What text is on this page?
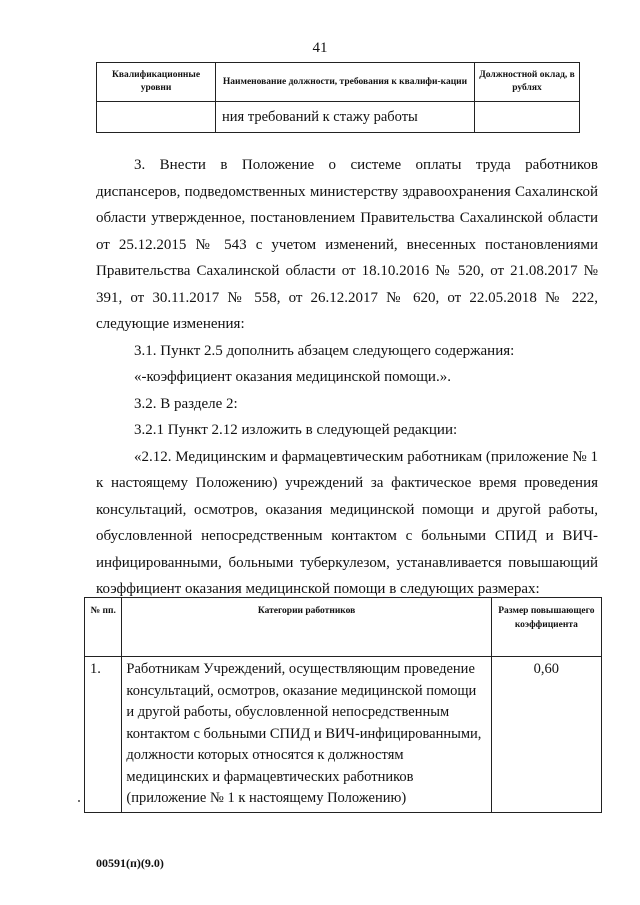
41
Квалификационные уровни	Наименование должности, требования к квалифи-кации	Должностной оклад, в рублях
	ния требований к стажу работы	

3. Внести в Положение о системе оплаты труда работников диспансеров, подведомственных министерству здравоохранения Сахалинской области утвержденное, постановлением Правительства Сахалинской области от 25.12.2015 № 543 с учетом изменений, внесенных постановлениями Правительства Сахалинской области от 18.10.2016 № 520, от 21.08.2017 № 391, от 30.11.2017 № 558, от 26.12.2017 № 620, от 22.05.2018 № 222, следующие изменения:

3.1. Пункт 2.5 дополнить абзацем следующего содержания:

«-коэффициент оказания медицинской помощи.».

3.2. В разделе 2:

3.2.1 Пункт 2.12 изложить в следующей редакции:

«2.12. Медицинским и фармацевтическим работникам (приложение № 1 к настоящему Положению) учреждений за фактическое время проведения консультаций, осмотров, оказания медицинской помощи и другой работы, обусловленной непосредственным контактом с больными СПИД и ВИЧ-инфицированными, больными туберкулезом, устанавливается повышающий коэффициент оказания медицинской помощи в следующих размерах:

№ пп.	Категории работников	Размер повышающего коэффициента
1.	Работникам Учреждений, осуществляющим проведение консультаций, осмотров, оказание медицинской помощи и другой работы, обусловленной непосредственным контактом с больными СПИД и ВИЧ-инфицированными, должности которых относятся к должностям медицинских и фармацевтических работников (приложение № 1 к настоящему Положению)	0,60
00591(п)(9.0)
